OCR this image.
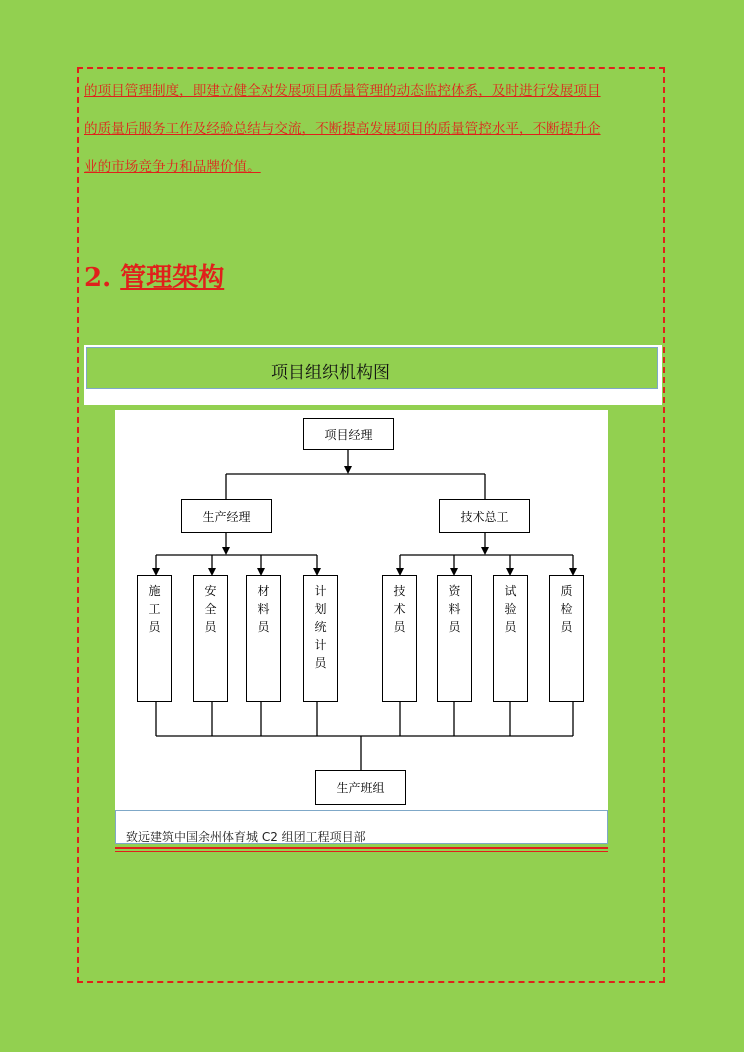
的项目管理制度，即建立健全对发展项目质量管理的动态监控体系，及时进行发展项目
的质量后服务工作及经验总结与交流，不断提高发展项目的质量管控水平，不断提升企
业的市场竞争力和品牌价值。

2. 管理架构
项目组织机构图
项目经理
生产经理	技术总工
施工员
安全员
材料员
计划统计员
技术员
资料员
试验员
质检员
生产班组
致远建筑中国余州体育城 C2 组团工程项目部
